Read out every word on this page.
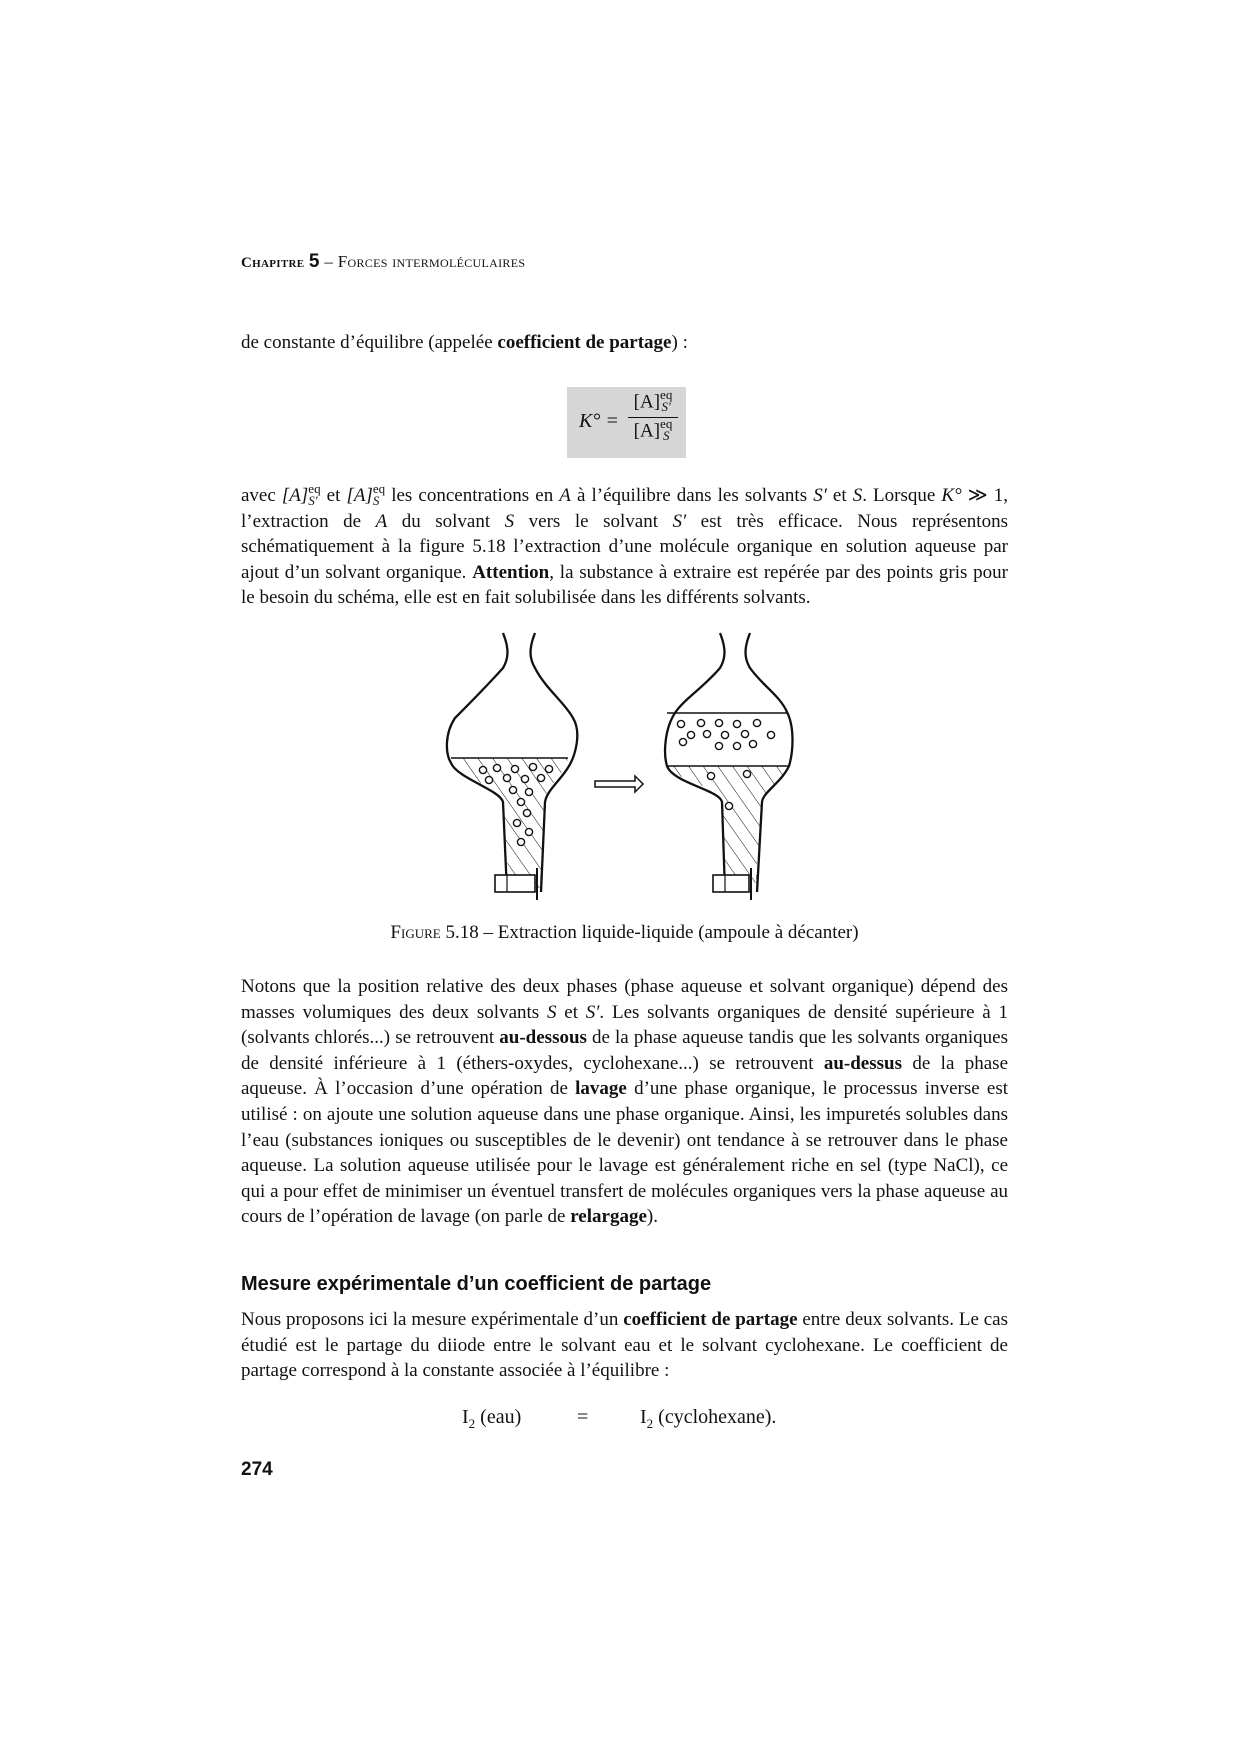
Chapitre 5 – Forces intermoléculaires

de constante d’équilibre (appelée coefficient de partage) :

K° =
[A] eq
S′
[A] eq
S

avec [A] eq
S′ et [A] eq
S les concentrations en A à l’équilibre dans les solvants S′ et S. Lorsque K° ≫ 1, l’extraction de A du solvant S vers le solvant S′ est très efficace. Nous représentons schématiquement à la figure 5.18 l’extraction d’une molécule organique en solution aqueuse par ajout d’un solvant organique. Attention, la substance à extraire est repérée par des points gris pour le besoin du schéma, elle est en fait solubilisée dans les différents solvants.

Figure 5.18 – Extraction liquide-liquide (ampoule à décanter)

Notons que la position relative des deux phases (phase aqueuse et solvant organique) dépend des masses volumiques des deux solvants S et S′. Les solvants organiques de densité supérieure à 1 (solvants chlorés...) se retrouvent au-dessous de la phase aqueuse tandis que les solvants organiques de densité inférieure à 1 (éthers-oxydes, cyclohexane...) se retrouvent au-dessus de la phase aqueuse. À l’occasion d’une opération de lavage d’une phase organique, le processus inverse est utilisé : on ajoute une solution aqueuse dans une phase organique. Ainsi, les impuretés solubles dans l’eau (substances ioniques ou susceptibles de le devenir) ont tendance à se retrouver dans le phase aqueuse. La solution aqueuse utilisée pour le lavage est généralement riche en sel (type NaCl), ce qui a pour effet de minimiser un éventuel transfert de molécules organiques vers la phase aqueuse au cours de l’opération de lavage (on parle de relargage).

Mesure expérimentale d’un coefficient de partage

Nous proposons ici la mesure expérimentale d’un coefficient de partage entre deux solvants. Le cas étudié est le partage du diiode entre le solvant eau et le solvant cyclohexane. Le coefficient de partage correspond à la constante associée à l’équilibre :

$I_2$ (eau)	=	$I_2$ (cyclohexane).
274
